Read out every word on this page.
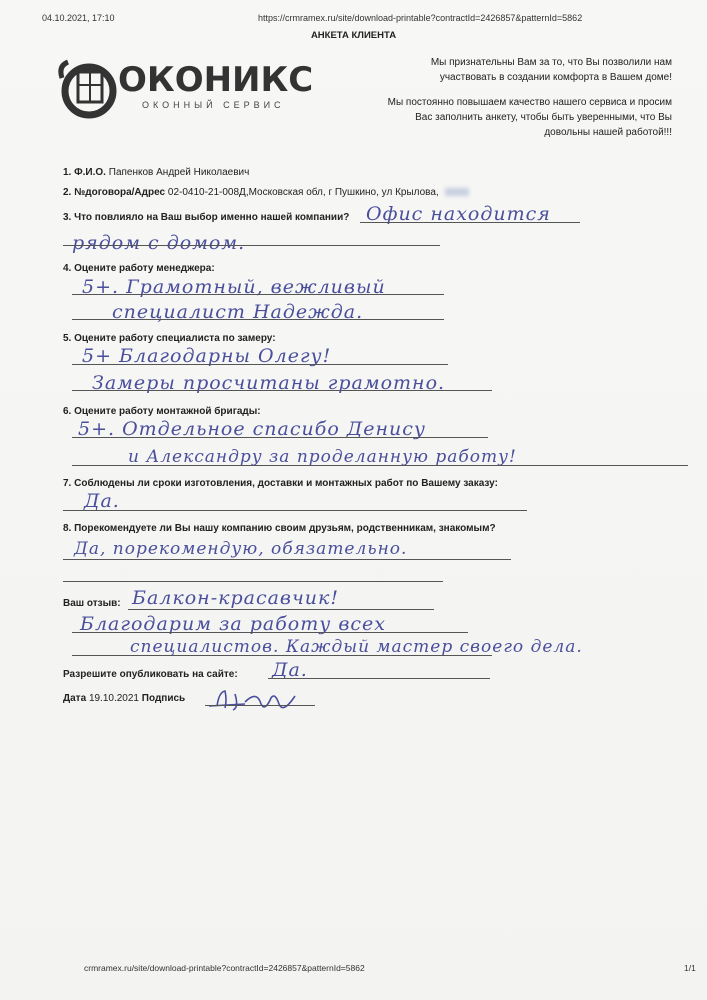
04.10.2021, 17:10	https://crmramex.ru/site/download-printable?contractId=2426857&patternId=5862
АНКЕТА КЛИЕНТА
ОКОНИКС
ОКОННЫЙ СЕРВИС
Мы признательны Вам за то, что Вы позволили нам
участвовать в создании комфорта в Вашем доме!
Мы постоянно повышаем качество нашего сервиса и просим
Вас заполнить анкету, чтобы быть уверенными, что Вы
довольны нашей работой!!!
1. Ф.И.О. Папенков Андрей Николаевич
2. №договора/Адрес 02-0410-21-008Д,Московская обл, г Пушкино, ул Крылова,
3. Что повлияло на Ваш выбор именно нашей компании? Офис находится
рядом с домом.
4. Оцените работу менеджера:
5+. Грамотный, вежливый
специалист Надежда.
5. Оцените работу специалиста по замеру:
5+ Благодарны Олегу!
Замеры просчитаны грамотно.
6. Оцените работу монтажной бригады:
5+. Отдельное спасибо Денису
и Александру за проделанную работу!
7. Соблюдены ли сроки изготовления, доставки и монтажных работ по Вашему заказу:
Да.
8. Порекомендуете ли Вы нашу компанию своим друзьям, родственникам, знакомым?
Да, порекомендую, обязательно.
Ваш отзыв: Балкон-красавчик!
Благодарим за работу всех
специалистов. Каждый мастер своего дела.
Разрешите опубликовать на сайте: Да.
Дата 19.10.2021 Подпись
crmramex.ru/site/download-printable?contractId=2426857&patternId=5862	1/1
